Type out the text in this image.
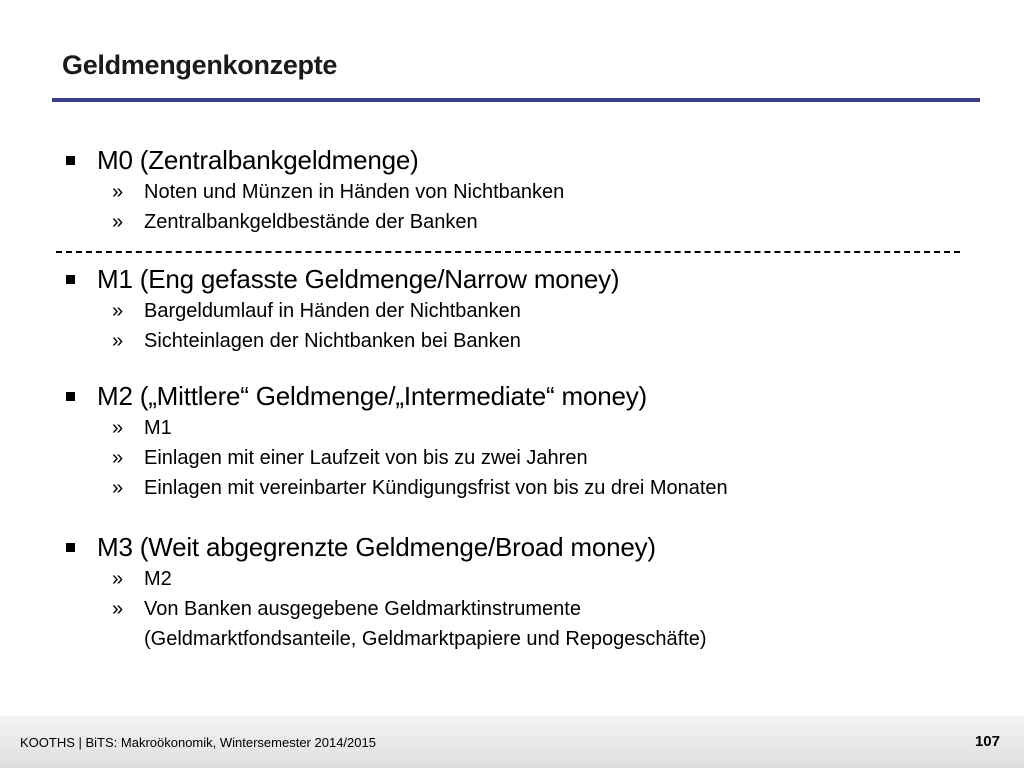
Geldmengenkonzepte
M0 (Zentralbankgeldmenge)
»	Noten und Münzen in Händen von Nichtbanken
»	Zentralbankgeldbestände der Banken
M1 (Eng gefasste Geldmenge/Narrow money)
»	Bargeldumlauf in Händen der Nichtbanken
»	Sichteinlagen der Nichtbanken bei Banken
M2 („Mittlere“ Geldmenge/„Intermediate“ money)
»	M1
»	Einlagen mit einer Laufzeit von bis zu zwei Jahren
»	Einlagen mit vereinbarter Kündigungsfrist von bis zu drei Monaten
M3 (Weit abgegrenzte Geldmenge/Broad money)
»	M2
»	Von Banken ausgegebene Geldmarktinstrumente
(Geldmarktfondsanteile, Geldmarktpapiere und Repogeschäfte)
KOOTHS | BiTS: Makroökonomik, Wintersemester 2014/2015	107
